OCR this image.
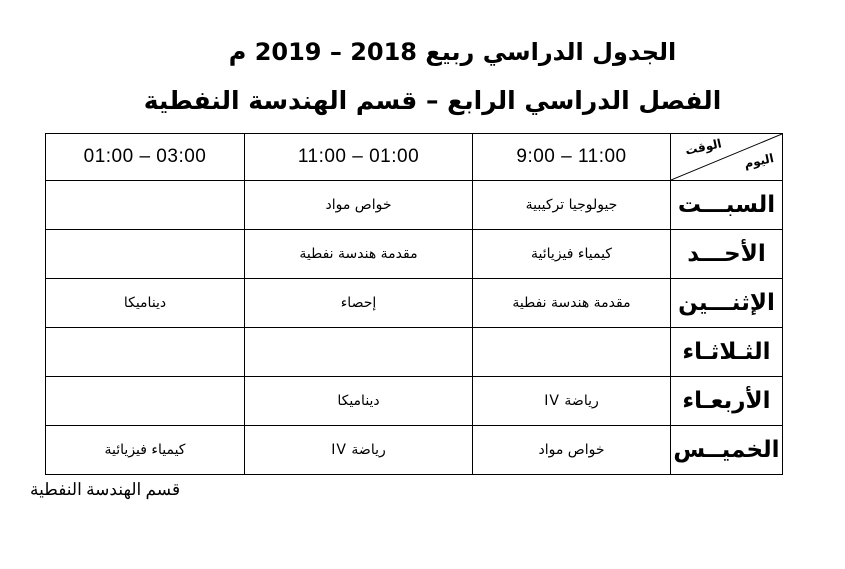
الجدول الدراسي ربيع 2018 – 2019 م
الفصل الدراسي الرابع – قسم الهندسة النفطية
الوقت
اليوم	9:00 – 11:00	11:00 – 01:00	01:00 – 03:00
السبـــت	جيولوجيا تركيبية	خواص مواد	
الأحـــد	كيمياء فيزيائية	مقدمة هندسة نفطية	
الإثنـــين	مقدمة هندسة نفطية	إحصاء	ديناميكا
الثـلاثـاء			
الأربعـاء	رياضة IV	ديناميكا	
الخميــس	خواص مواد	رياضة IV	كيمياء فيزيائية
قسم الهندسة النفطية
